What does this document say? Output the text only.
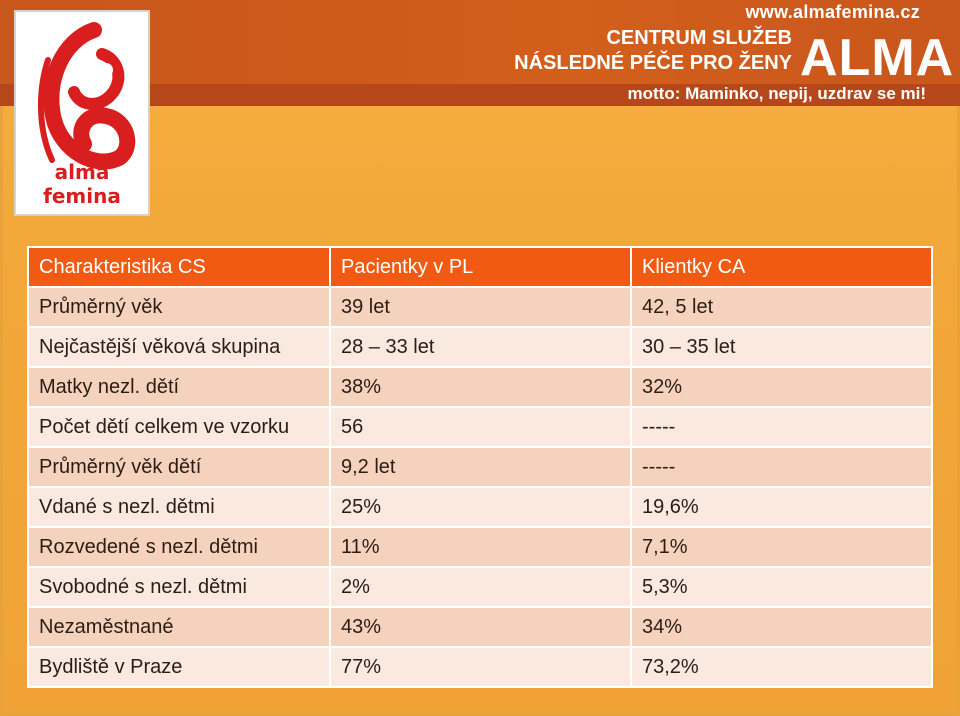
www.almafemina.cz
CENTRUM SLUŽEB
NÁSLEDNÉ PÉČE PRO ŽENY ALMA
motto: Maminko, nepij, uzdrav se mi!
alma femina
Charakteristika CS	Pacientky v PL	Klientky CA
Průměrný věk	39 let	42, 5 let
Nejčastější věková skupina	28 – 33 let	30 – 35 let
Matky nezl. dětí	38%	32%
Počet dětí celkem ve vzorku	56	-----
Průměrný věk dětí	9,2 let	-----
Vdané s nezl. dětmi	25%	19,6%
Rozvedené s nezl. dětmi	11%	7,1%
Svobodné s nezl. dětmi	2%	5,3%
Nezaměstnané	43%	34%
Bydliště v Praze	77%	73,2%
